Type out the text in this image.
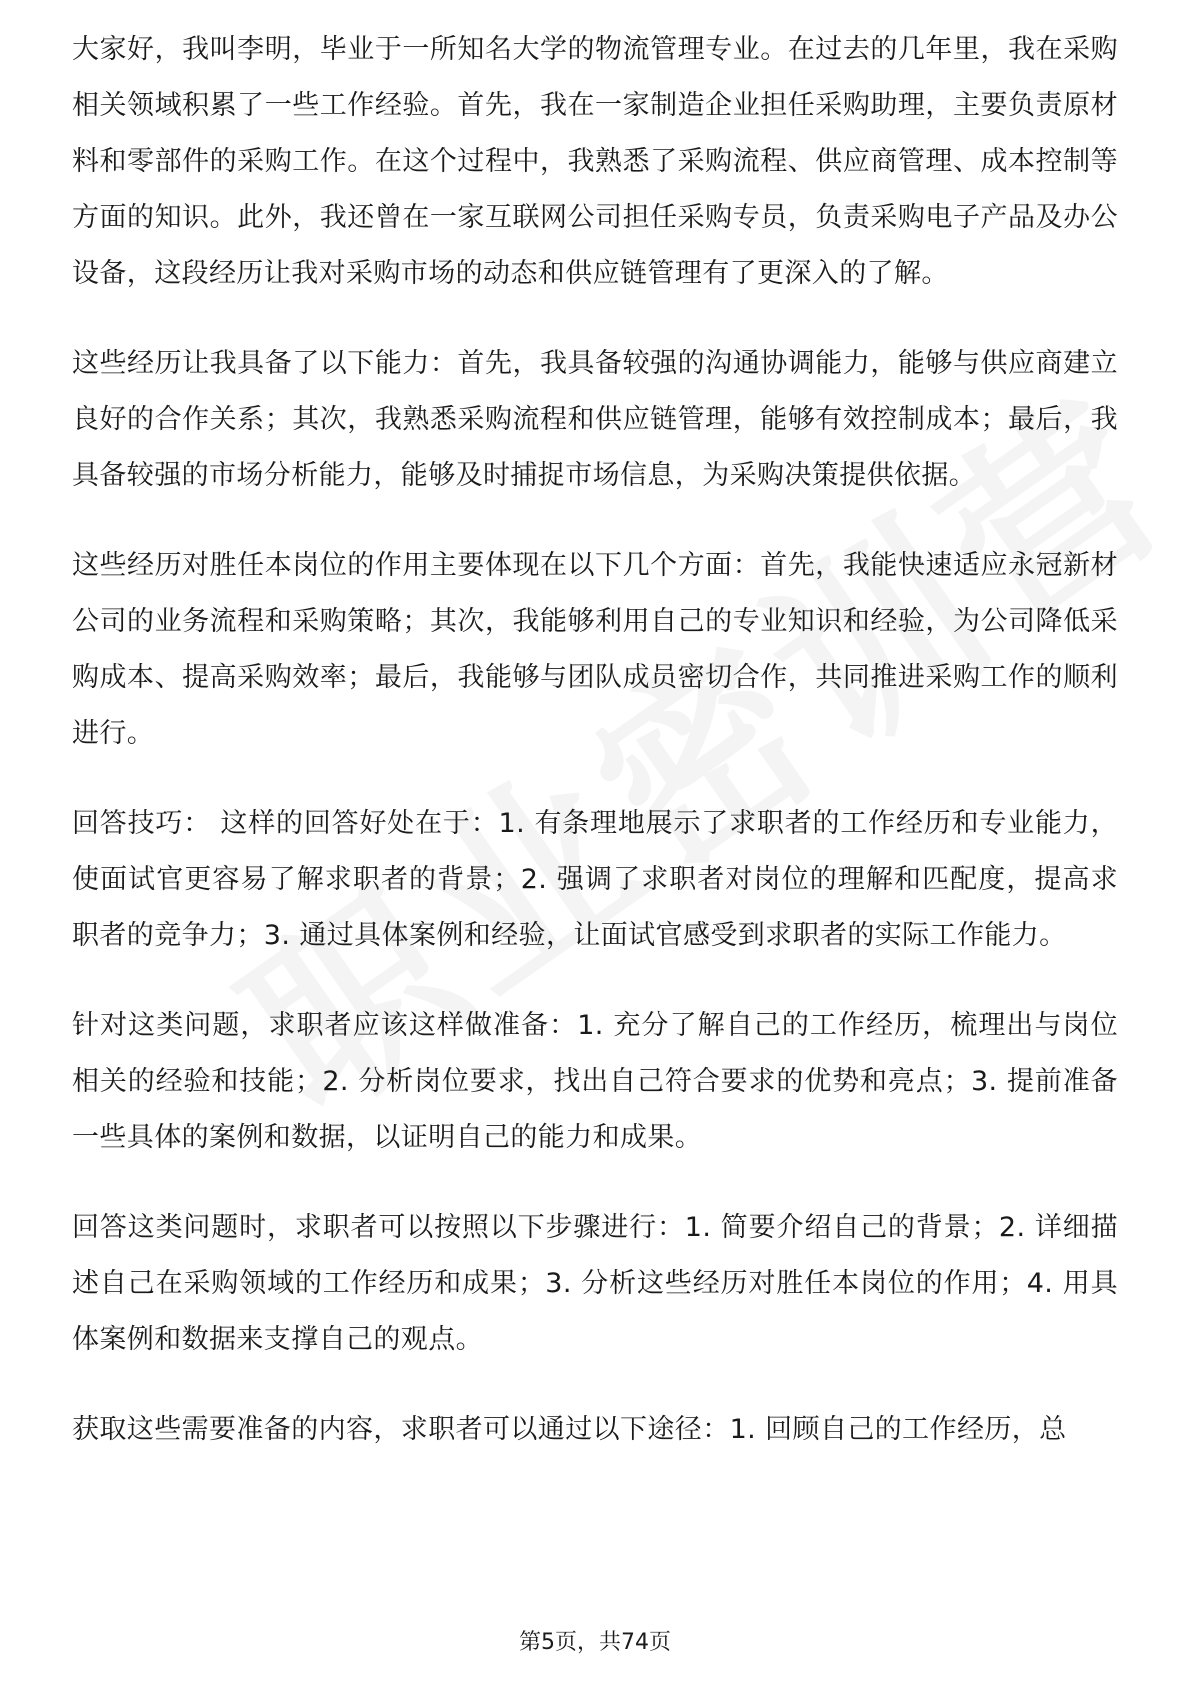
大家好，我叫李明，毕业于一所知名大学的物流管理专业。在过去的几年里，我在采购相关领域积累了一些工作经验。首先，我在一家制造企业担任采购助理，主要负责原材料和零部件的采购工作。在这个过程中，我熟悉了采购流程、供应商管理、成本控制等方面的知识。此外，我还曾在一家互联网公司担任采购专员，负责采购电子产品及办公设备，这段经历让我对采购市场的动态和供应链管理有了更深入的了解。

这些经历让我具备了以下能力：首先，我具备较强的沟通协调能力，能够与供应商建立良好的合作关系；其次，我熟悉采购流程和供应链管理，能够有效控制成本；最后，我具备较强的市场分析能力，能够及时捕捉市场信息，为采购决策提供依据。

这些经历对胜任本岗位的作用主要体现在以下几个方面：首先，我能快速适应永冠新材公司的业务流程和采购策略；其次，我能够利用自己的专业知识和经验，为公司降低采购成本、提高采购效率；最后，我能够与团队成员密切合作，共同推进采购工作的顺利进行。

回答技巧： 这样的回答好处在于：1. 有条理地展示了求职者的工作经历和专业能力，使面试官更容易了解求职者的背景；2. 强调了求职者对岗位的理解和匹配度，提高求职者的竞争力；3. 通过具体案例和经验，让面试官感受到求职者的实际工作能力。

针对这类问题，求职者应该这样做准备：1. 充分了解自己的工作经历，梳理出与岗位相关的经验和技能；2. 分析岗位要求，找出自己符合要求的优势和亮点；3. 提前准备一些具体的案例和数据，以证明自己的能力和成果。

回答这类问题时，求职者可以按照以下步骤进行：1. 简要介绍自己的背景；2. 详细描述自己在采购领域的工作经历和成果；3. 分析这些经历对胜任本岗位的作用；4. 用具体案例和数据来支撑自己的观点。

获取这些需要准备的内容，求职者可以通过以下途径：1. 回顾自己的工作经历，总

第5页，共74页
